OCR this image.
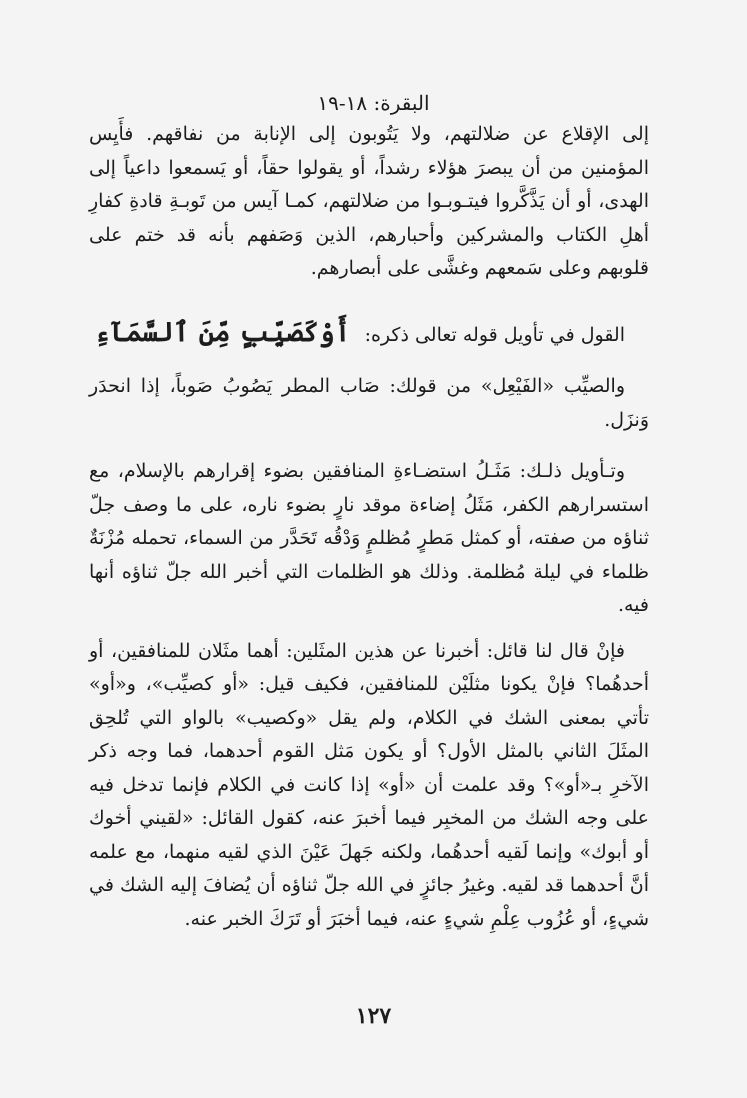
البقرة: ١٨-١٩

إلى الإقلاع عن ضلالتهم، ولا يَتُوبون إلى الإنابة من نفاقهم. فأَيِس المؤمنين من أن يبصرَ هؤلاء رشداً، أو يقولوا حقاً، أو يَسمعوا داعياً إلى الهدى، أو أن يَذَّكَّروا فيتـوبـوا من ضلالتهم، كمـا آيس من تَوبـةِ قادةِ كفارِ أهلِ الكتاب والمشركين وأحبارهم، الذين وَصَفهم بأنه قد ختم على قلوبهم وعلى سَمعهم وغشَّى على أبصارهم.

القول في تأويل قوله تعالى ذكره:
أَوْكَصَيِّبٍ مِّنَ ٱلسَّمَآءِ

والصيِّب «الفَيْعِل» من قولك: صَاب المطر يَصُوبُ صَوباً، إذا انحدَر وَنزَل.

وتـأويل ذلـك: مَثَـلُ استضـاءةِ المنافقين بضوء إقرارهم بالإسلام، مع استسرارهم الكفر، مَثَلُ إضاءة موقد نارٍ بضوء ناره، على ما وصف جلّ ثناؤه من صفته، أو كمثل مَطرٍ مُظلمٍ وَدْقُه تَحَدَّر من السماء، تحمله مُزْنَةٌ ظلماء في ليلة مُظلمة. وذلك هو الظلمات التي أخبر الله جلّ ثناؤه أنها فيه.

فإنْ قال لنا قائل: أخبرنا عن هذين المثَلين: أهما مثَلان للمنافقين، أو أحدهُما؟ فإنْ يكونا مثلَيْن للمنافقين، فكيف قيل: «أو كصيِّب»، و«أو» تأتي بمعنى الشك في الكلام، ولم يقل «وكصيب» بالواو التي تُلحِق المثَلَ الثاني بالمثل الأول؟ أو يكون مَثل القوم أحدهما، فما وجه ذكر الآخرِ بـ«أو»؟ وقد علمت أن «أو» إذا كانت في الكلام فإنما تدخل فيه على وجه الشك من المخبِر فيما أخبرَ عنه، كقول القائل: «لقيني أخوك أو أبوك» وإنما لَقيه أحدهُما، ولكنه جَهلَ عَيْنَ الذي لقيه منهما، مع علمه أنَّ أحدهما قد لقيه. وغيرُ جائزٍ في الله جلّ ثناؤه أن يُضافَ إليه الشك في شيءٍ، أو عُزُوب عِلْمِ شيءٍ عنه، فيما أخبَرَ أو تَرَكَ الخبر عنه.

١٢٧
